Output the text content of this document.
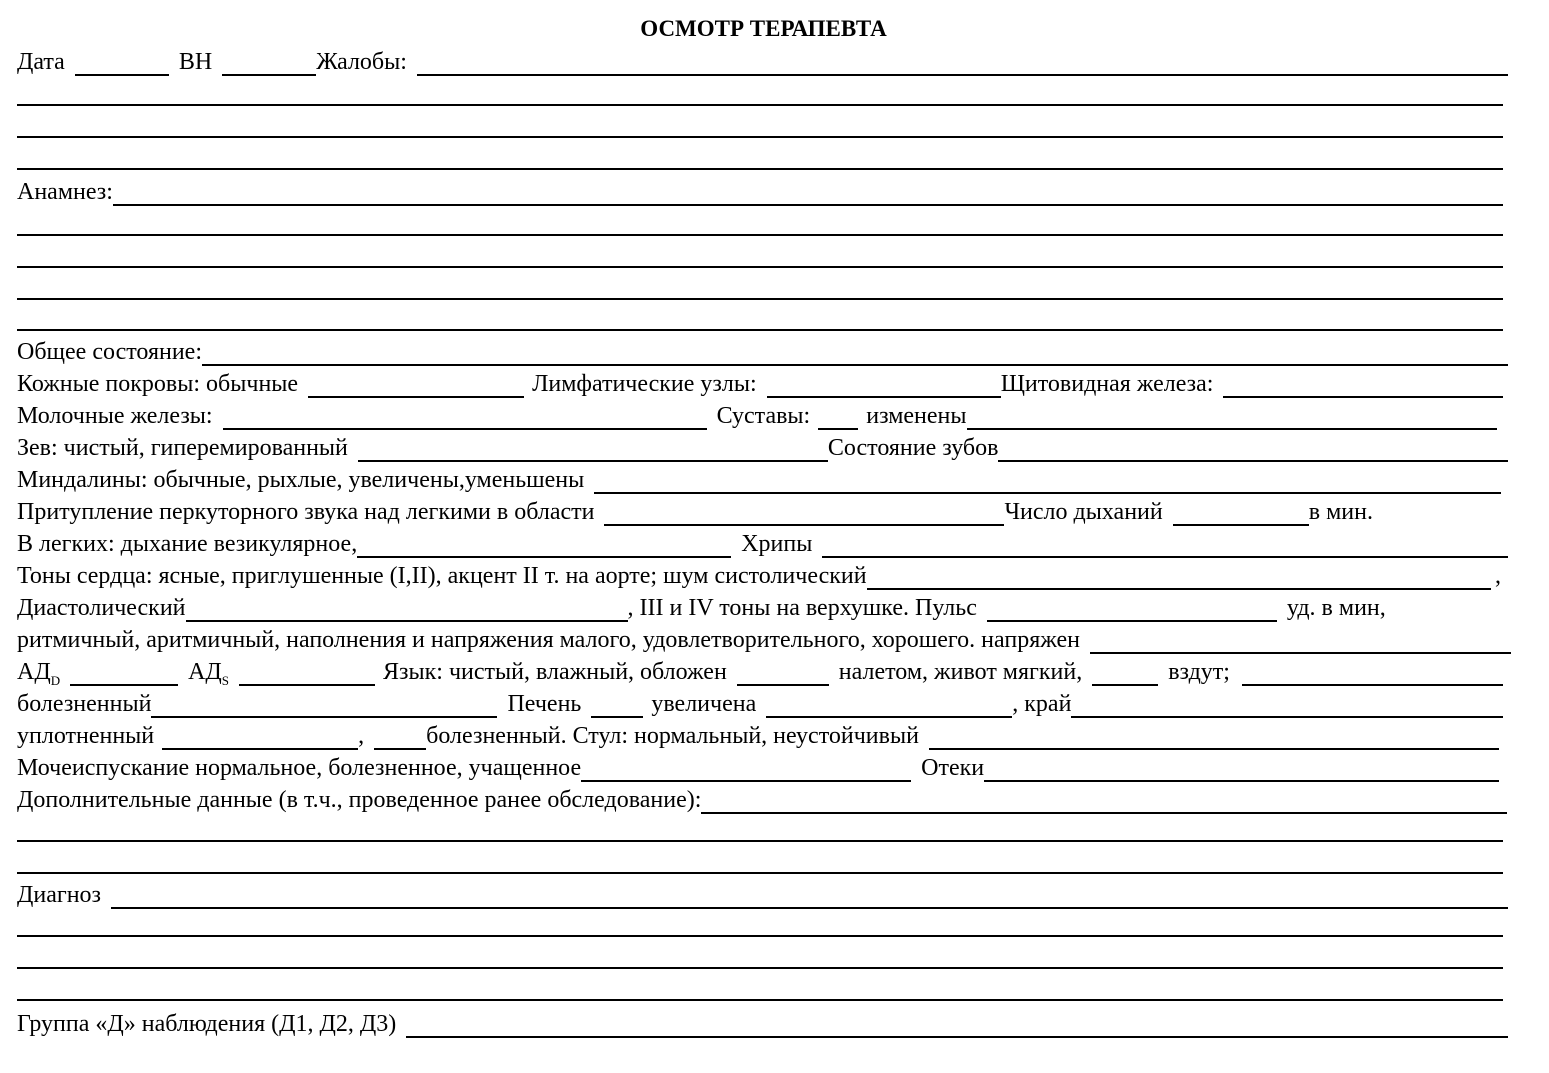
ОСМОТР ТЕРАПЕВТА
Дата	ВН	Жалобы:
Анамнез:
Общее состояние:
Кожные покровы: обычные	Лимфатические узлы:	Щитовидная железа:
Молочные железы:	Суставы: изменены
Зев: чистый, гиперемированный	Состояние зубов
Миндалины: обычные, рыхлые, увеличены,уменьшены
Притупление перкуторного звука над легкими в области	Число дыханий	в мин.
В легких: дыхание везикулярное,	Хрипы
Тоны сердца: ясные, приглушенные (I,II), акцент II т. на аорте; шум систолический	,
Диастолический	, III и IV тоны на верхушке. Пульс	уд. в мин,
ритмичный, аритмичный, наполнения и напряжения малого, удовлетворительного, хорошего. напряжен
$АД_D$	$АД_S$	Язык: чистый, влажный, обложен	налетом, живот мягкий,	вздут;
болезненный	Печень	увеличена	, край
уплотненный	,	болезненный. Стул: нормальный, неустойчивый
Мочеиспускание нормальное, болезненное, учащенное	Отеки
Дополнительные данные (в т.ч., проведенное ранее обследование):
Диагноз
Группа «Д» наблюдения (Д1, Д2, Д3)
